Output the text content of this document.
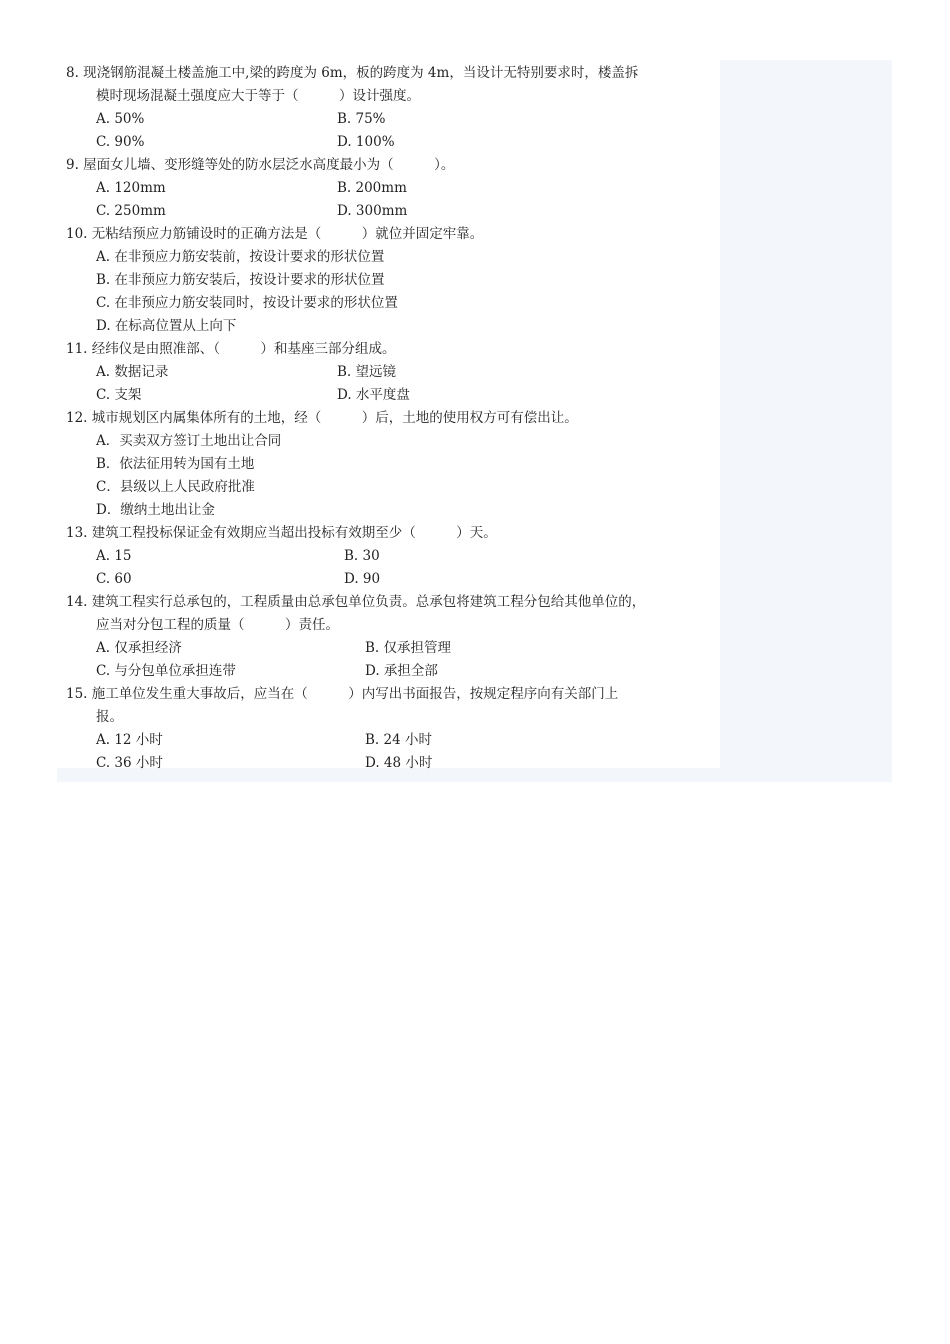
8. 现浇钢筋混凝土楼盖施工中,梁的跨度为 6m，板的跨度为 4m，当设计无特别要求时，楼盖拆
模时现场混凝土强度应大于等于（　　　）设计强度。
A. 50%	B. 75%
C. 90%	D. 100%
9. 屋面女儿墙、变形缝等处的防水层泛水高度最小为（　　　）。
A. 120mm	B. 200mm
C. 250mm	D. 300mm
10. 无粘结预应力筋铺设时的正确方法是（　　　）就位并固定牢靠。
A. 在非预应力筋安装前，按设计要求的形状位置
B. 在非预应力筋安装后，按设计要求的形状位置
C. 在非预应力筋安装同时，按设计要求的形状位置
D. 在标高位置从上向下
11. 经纬仪是由照准部、（　　　）和基座三部分组成。
A. 数据记录	B. 望远镜
C. 支架	D. 水平度盘
12. 城市规划区内属集体所有的土地，经（　　　）后，土地的使用权方可有偿出让。
A．买卖双方签订土地出让合同
B．依法征用转为国有土地
C．县级以上人民政府批准
D．缴纳土地出让金
13. 建筑工程投标保证金有效期应当超出投标有效期至少（　　　）天。
A. 15	B. 30
C. 60	D. 90
14. 建筑工程实行总承包的，工程质量由总承包单位负责。总承包将建筑工程分包给其他单位的，
应当对分包工程的质量（　　　）责任。
A. 仅承担经济	B. 仅承担管理
C. 与分包单位承担连带	D. 承担全部
15. 施工单位发生重大事故后，应当在（　　　）内写出书面报告，按规定程序向有关部门上
报。
A. 12 小时	B. 24 小时
C. 36 小时	D. 48 小时
